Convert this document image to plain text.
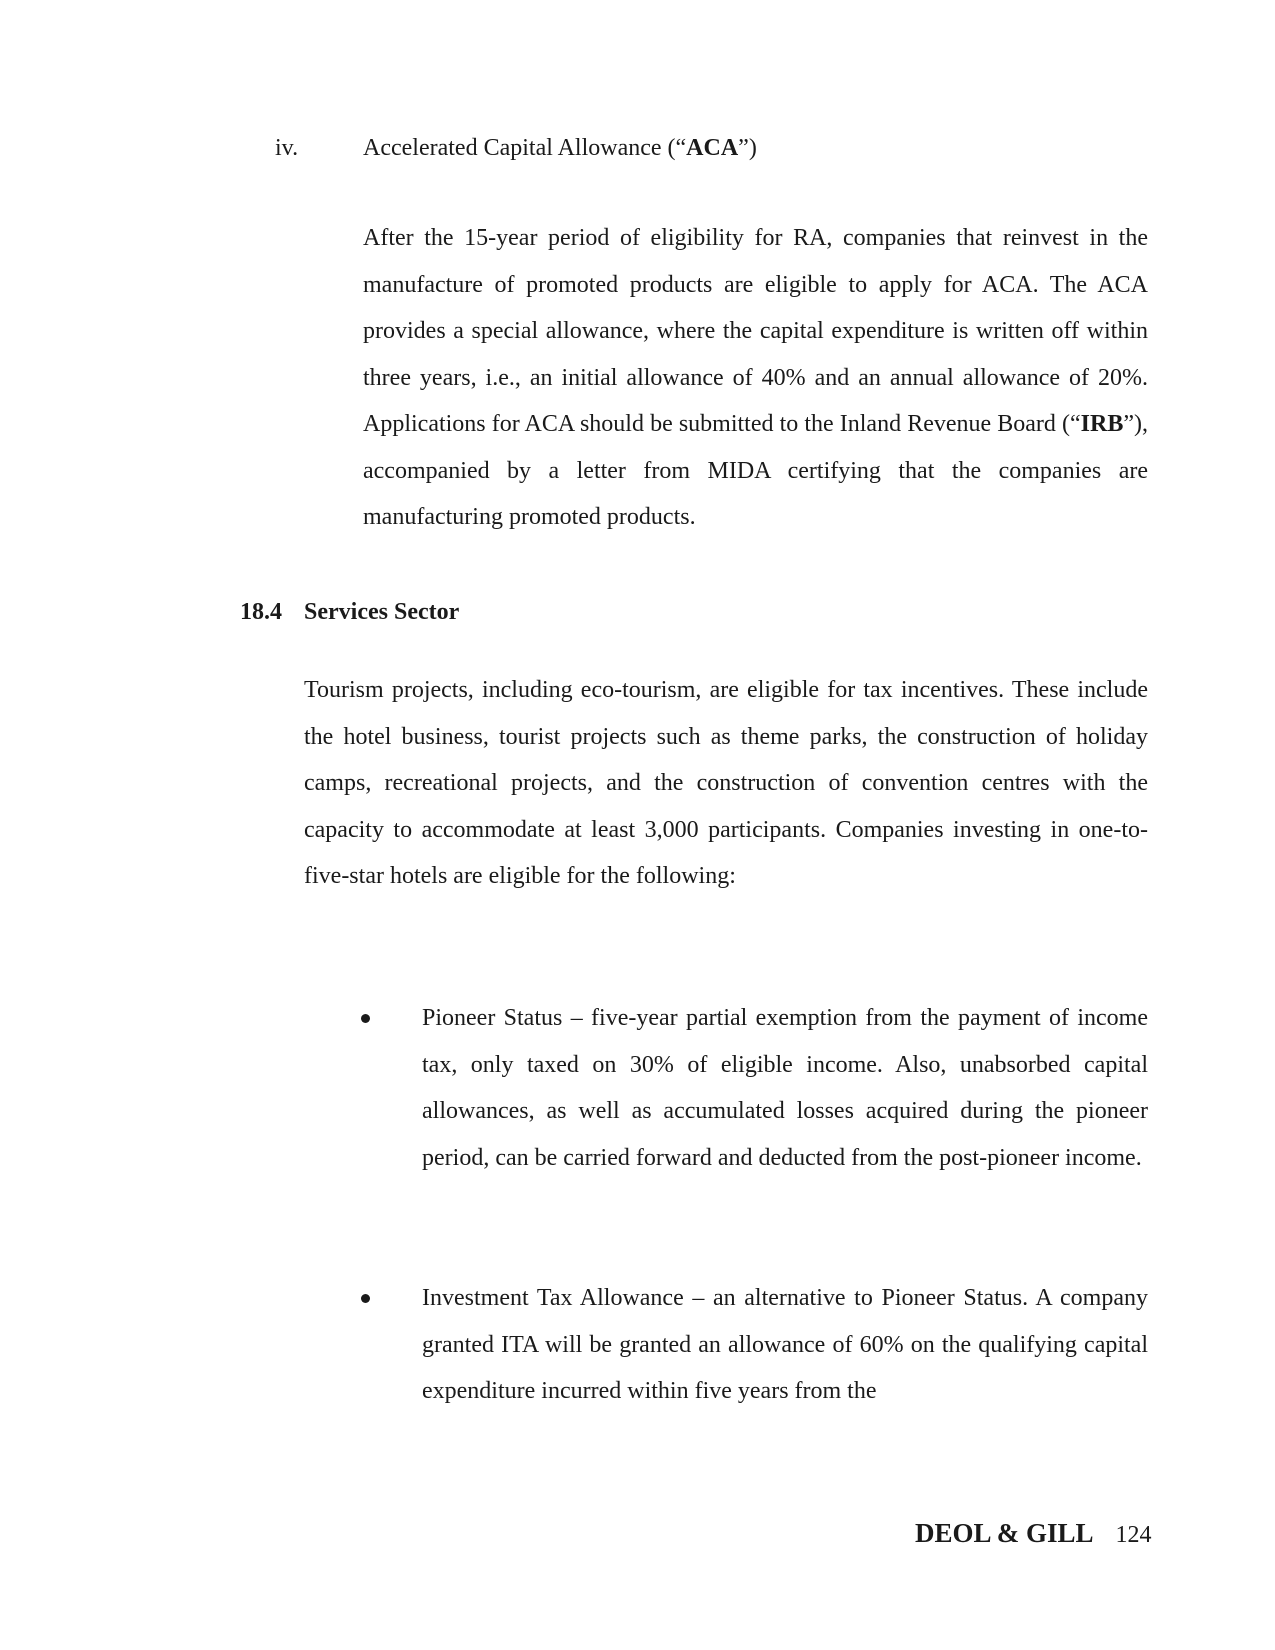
iv.	Accelerated Capital Allowance (“ACA”)

After the 15-year period of eligibility for RA, companies that reinvest in the manufacture of promoted products are eligible to apply for ACA. The ACA provides a special allowance, where the capital expenditure is written off within three years, i.e., an initial allowance of 40% and an annual allowance of 20%. Applications for ACA should be submitted to the Inland Revenue Board (“IRB”), accompanied by a letter from MIDA certifying that the companies are manufacturing promoted products.

18.4 Services Sector

Tourism projects, including eco-tourism, are eligible for tax incentives. These include the hotel business, tourist projects such as theme parks, the construction of holiday camps, recreational projects, and the construction of convention centres with the capacity to accommodate at least 3,000 participants. Companies investing in one-to-five-star hotels are eligible for the following:

Pioneer Status – five-year partial exemption from the payment of income tax, only taxed on 30% of eligible income. Also, unabsorbed capital allowances, as well as accumulated losses acquired during the pioneer period, can be carried forward and deducted from the post-pioneer income.

Investment Tax Allowance – an alternative to Pioneer Status. A company granted ITA will be granted an allowance of 60% on the qualifying capital expenditure incurred within five years from the

DEOL & GILL 124
